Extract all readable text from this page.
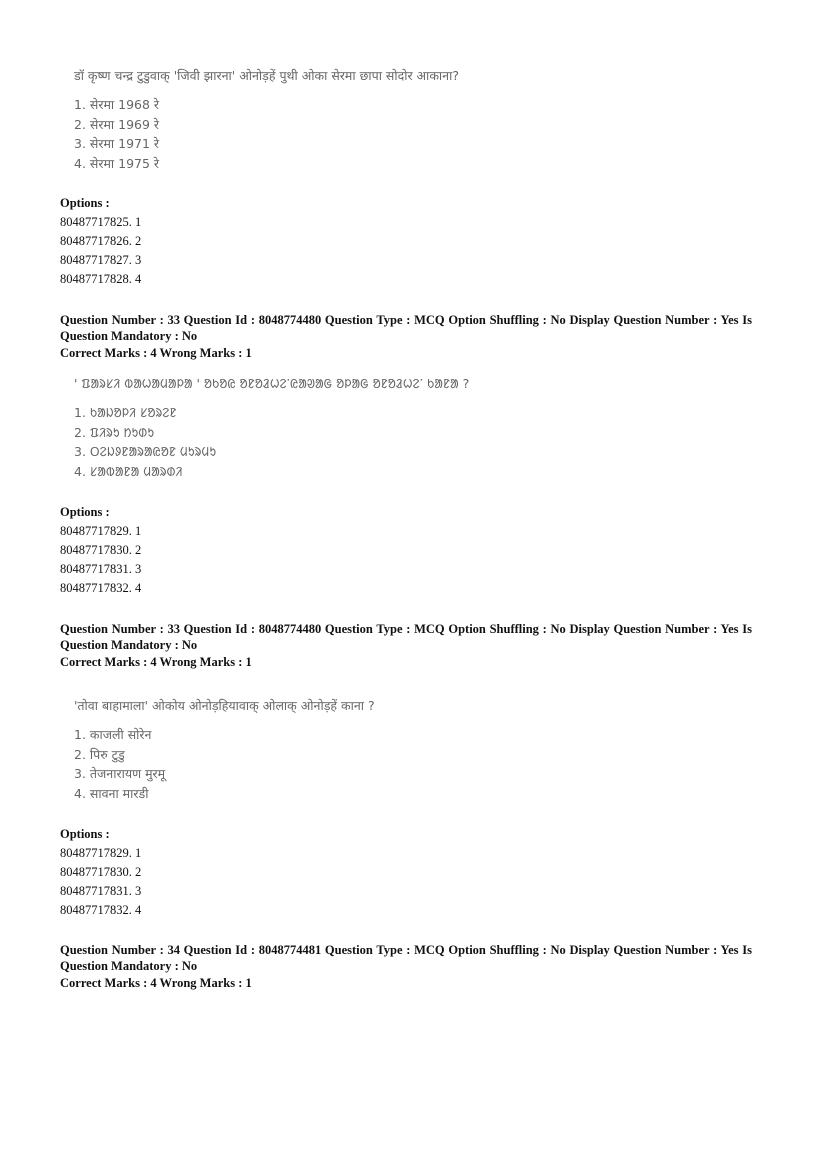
डॉ कृष्ण चन्द्र टुडुवाक् 'जिवी झारना' ओनोड़हें पुथी ओका सेरमा छापा सोदोर आकाना?
1. सेरमा 1968 रे
2. सेरमा 1969 रे
3. सेरमा 1971 रे
4. सेरमा 1975 रे
Options :
80487717825. 1
80487717826. 2
80487717827. 3
80487717828. 4
Question Number : 33 Question Id : 8048774480 Question Type : MCQ Option Shuffling : No Display Question Number : Yes Is Question Mandatory : No
Correct Marks : 4 Wrong Marks : 1
' ᱯᱟᱨᱥᱤ ᱵᱟᱦᱟᱢᱟᱞᱟ ' ᱚᱠᱚᱭ ᱚᱱᱚᱲᱦᱮᱸᱭᱟᱣᱟᱜ ᱚᱞᱟᱜ ᱚᱱᱚᱲᱦᱮᱸ ᱠᱟᱱᱟ ?
1. ᱠᱟᱡᱚᱞᱤ ᱥᱚᱨᱮᱱ
2. ᱯᱤᱨᱩ ᱴᱩᱰᱩ
3. ᱛᱮᱡᱽᱱᱟᱨᱟᱭᱚᱱ ᱢᱩᱨᱢᱩ
4. ᱥᱟᱵᱟᱱᱟ ᱢᱟᱨᱰᱤ
Options :
80487717829. 1
80487717830. 2
80487717831. 3
80487717832. 4
Question Number : 33 Question Id : 8048774480 Question Type : MCQ Option Shuffling : No Display Question Number : Yes Is Question Mandatory : No
Correct Marks : 4 Wrong Marks : 1
'तोवा बाहामाला' ओकोय ओनोड़हियावाक् ओलाक् ओनोड़हें काना ?
1. काजली सोरेन
2. पिरु टुडु
3. तेजनारायण मुरमू
4. सावना मारडी
Options :
80487717829. 1
80487717830. 2
80487717831. 3
80487717832. 4
Question Number : 34 Question Id : 8048774481 Question Type : MCQ Option Shuffling : No Display Question Number : Yes Is Question Mandatory : No
Correct Marks : 4 Wrong Marks : 1
